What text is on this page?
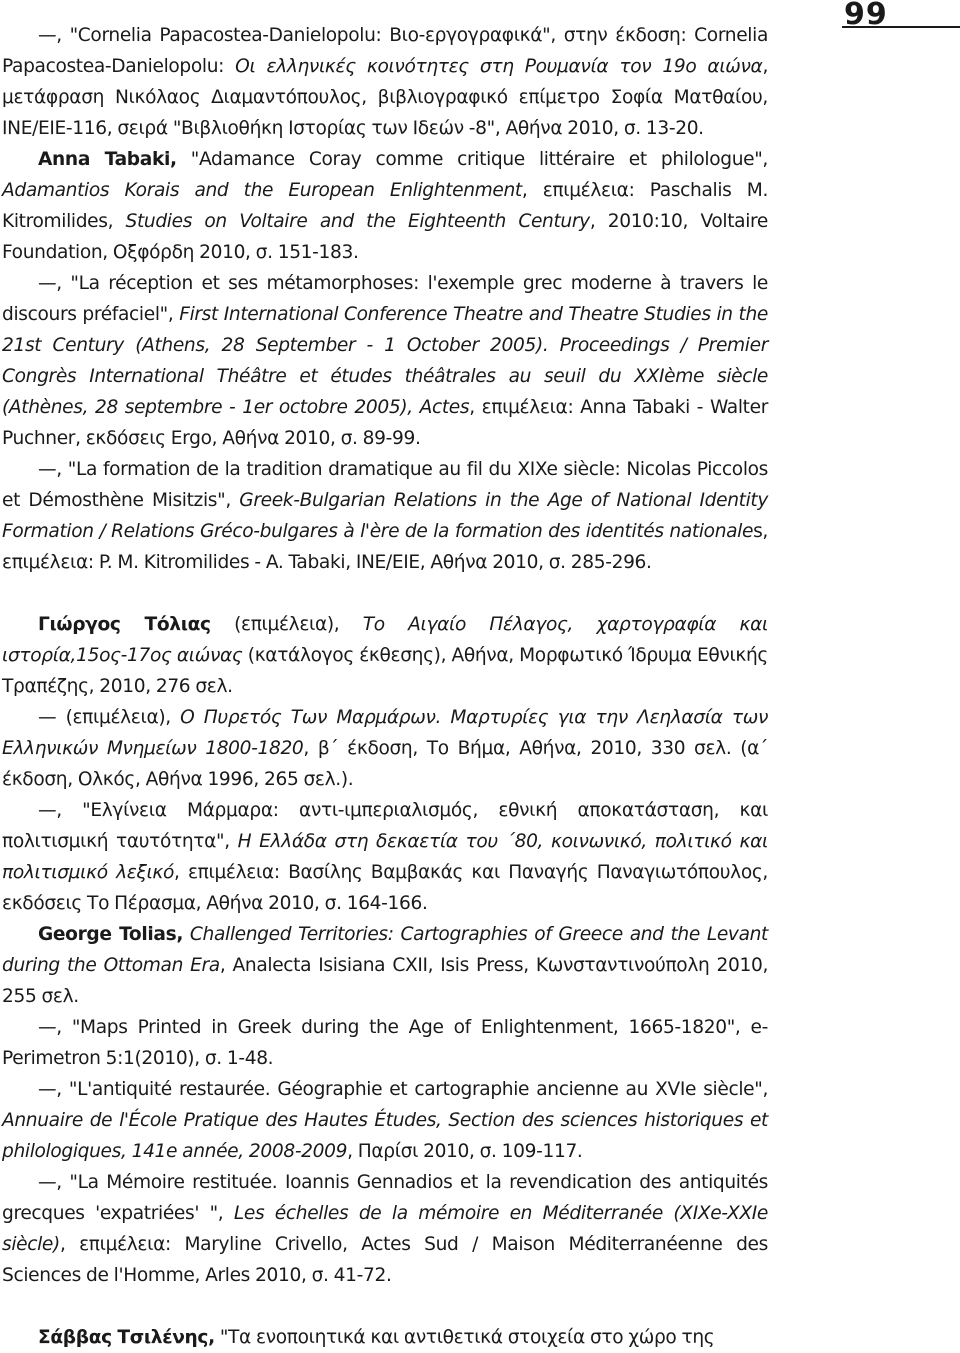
99

—, "Cornelia Papacostea-Danielopolu: Βιο-εργογραφικά", στην έκδοση: Cornelia Papacostea-Danielopolu: Οι ελληνικές κοινότητες στη Ρουμανία τον 19ο αιώνα, μετάφραση Νικόλαος Διαμαντόπουλος, βιβλιογραφικό επίμετρο Σοφία Ματθαίου, ΙΝΕ/ΕΙΕ-116, σειρά "Βιβλιοθήκη Ιστορίας των Ιδεών -8", Αθήνα 2010, σ. 13-20.

Anna Tabaki, "Adamance Coray comme critique littéraire et philologue", Adamantios Korais and the European Enlightenment, επιμέλεια: Paschalis M. Kitromilides, Studies on Voltaire and the Eighteenth Century, 2010:10, Voltaire Foundation, Οξφόρδη 2010, σ. 151-183.

—, "La réception et ses métamorphoses: l'exemple grec moderne à travers le discours préfaciel", First International Conference Theatre and Theatre Studies in the 21st Century (Athens, 28 September - 1 October 2005). Proceedings / Premier Congrès International Théâtre et études théâtrales au seuil du XXIème siècle (Athènes, 28 septembre - 1er octobre 2005), Actes, επιμέλεια: Anna Tabaki - Walter Puchner, εκδόσεις Ergo, Αθήνα 2010, σ. 89-99.

—, "La formation de la tradition dramatique au fil du XIXe siècle: Nicolas Piccolos et Démosthène Misitzis", Greek-Bulgarian Relations in the Age of National Identity Formation / Relations Gréco-bulgares à l'ère de la formation des identités nationales, επιμέλεια: P. M. Kitromilides - A. Tabaki, INE/EIE, Αθήνα 2010, σ. 285-296.

Γιώργος Τόλιας (επιμέλεια), Το Αιγαίο Πέλαγος, χαρτογραφία και ιστορία,15ος-17ος αιώνας (κατάλογος έκθεσης), Αθήνα, Μορφωτικό Ίδρυμα Εθνικής Τραπέζης, 2010, 276 σελ.

— (επιμέλεια), Ο Πυρετός Των Μαρμάρων. Μαρτυρίες για την Λεηλασία των Ελληνικών Μνημείων 1800-1820, β΄ έκδοση, Το Βήμα, Αθήνα, 2010, 330 σελ. (α΄ έκδοση, Ολκός, Αθήνα 1996, 265 σελ.).

—, "Ελγίνεια Μάρμαρα: αντι-ιμπεριαλισμός, εθνική αποκατάσταση, και πολιτισμική ταυτότητα", Η Ελλάδα στη δεκαετία του ΄80, κοινωνικό, πολιτικό και πολιτισμικό λεξικό, επιμέλεια: Βασίλης Βαμβακάς και Παναγής Παναγιωτόπουλος, εκδόσεις Το Πέρασμα, Αθήνα 2010, σ. 164-166.

George Tolias, Challenged Territories: Cartographies of Greece and the Levant during the Ottoman Era, Analecta Isisiana CXII, Isis Press, Κωνσταντινούπολη 2010, 255 σελ.

—, "Maps Printed in Greek during the Age of Enlightenment, 1665-1820", e-Perimetron 5:1(2010), σ. 1-48.

—, "L'antiquité restaurée. Géographie et cartographie ancienne au XVIe siècle", Annuaire de l'École Pratique des Hautes Études, Section des sciences historiques et philologiques, 141e année, 2008-2009, Παρίσι 2010, σ. 109-117.

—, "La Mémoire restituée. Ioannis Gennadios et la revendication des antiquités grecques 'expatriées' ", Les échelles de la mémoire en Méditerranée (XIXe-XXIe siècle), επιμέλεια: Maryline Crivello, Actes Sud / Maison Méditerranéenne des Sciences de l'Homme, Arles 2010, σ. 41-72.

Σάββας Τσιλένης, "Τα ενοποιητικά και αντιθετικά στοιχεία στο χώρο της
